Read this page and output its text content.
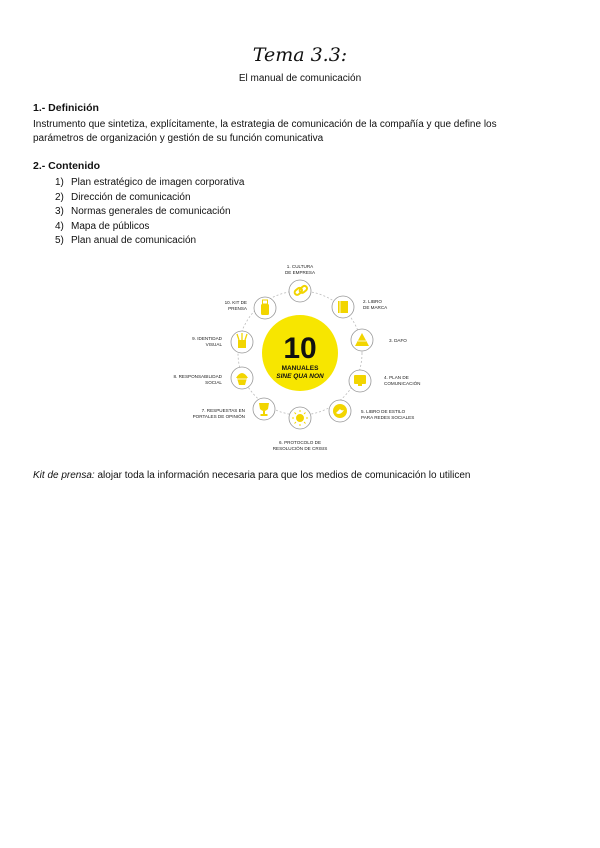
Tema 3.3:
El manual de comunicación
1.- Definición
Instrumento que sintetiza, explícitamente, la estrategia de comunicación de la compañía y que define los
parámetros de organización y gestión de su función comunicativa
2.- Contenido
1) Plan estratégico de imagen corporativa
2) Dirección de comunicación
3) Normas generales de comunicación
4) Mapa de públicos
5) Plan anual de comunicación
10
MANUALES
SINE QUA NON
1. CULTURA
DE EMPRESA
2. LIBRO
DE MARCA
3. DAFO
4. PLAN DE
COMUNICACIÓN
5. LIBRO DE ESTILO
PARA REDES SOCIALES
6. PROTOCOLO DE
RESOLUCIÓN DE CRISIS
7. RESPUESTAS EN
PORTALES DE OPINIÓN
8. RESPONSABILIDAD
SOCIAL
9. IDENTIDAD
VISUAL
10. KIT DE
PRENSA
Kit de prensa: alojar toda la información necesaria para que los medios de comunicación lo utilicen
